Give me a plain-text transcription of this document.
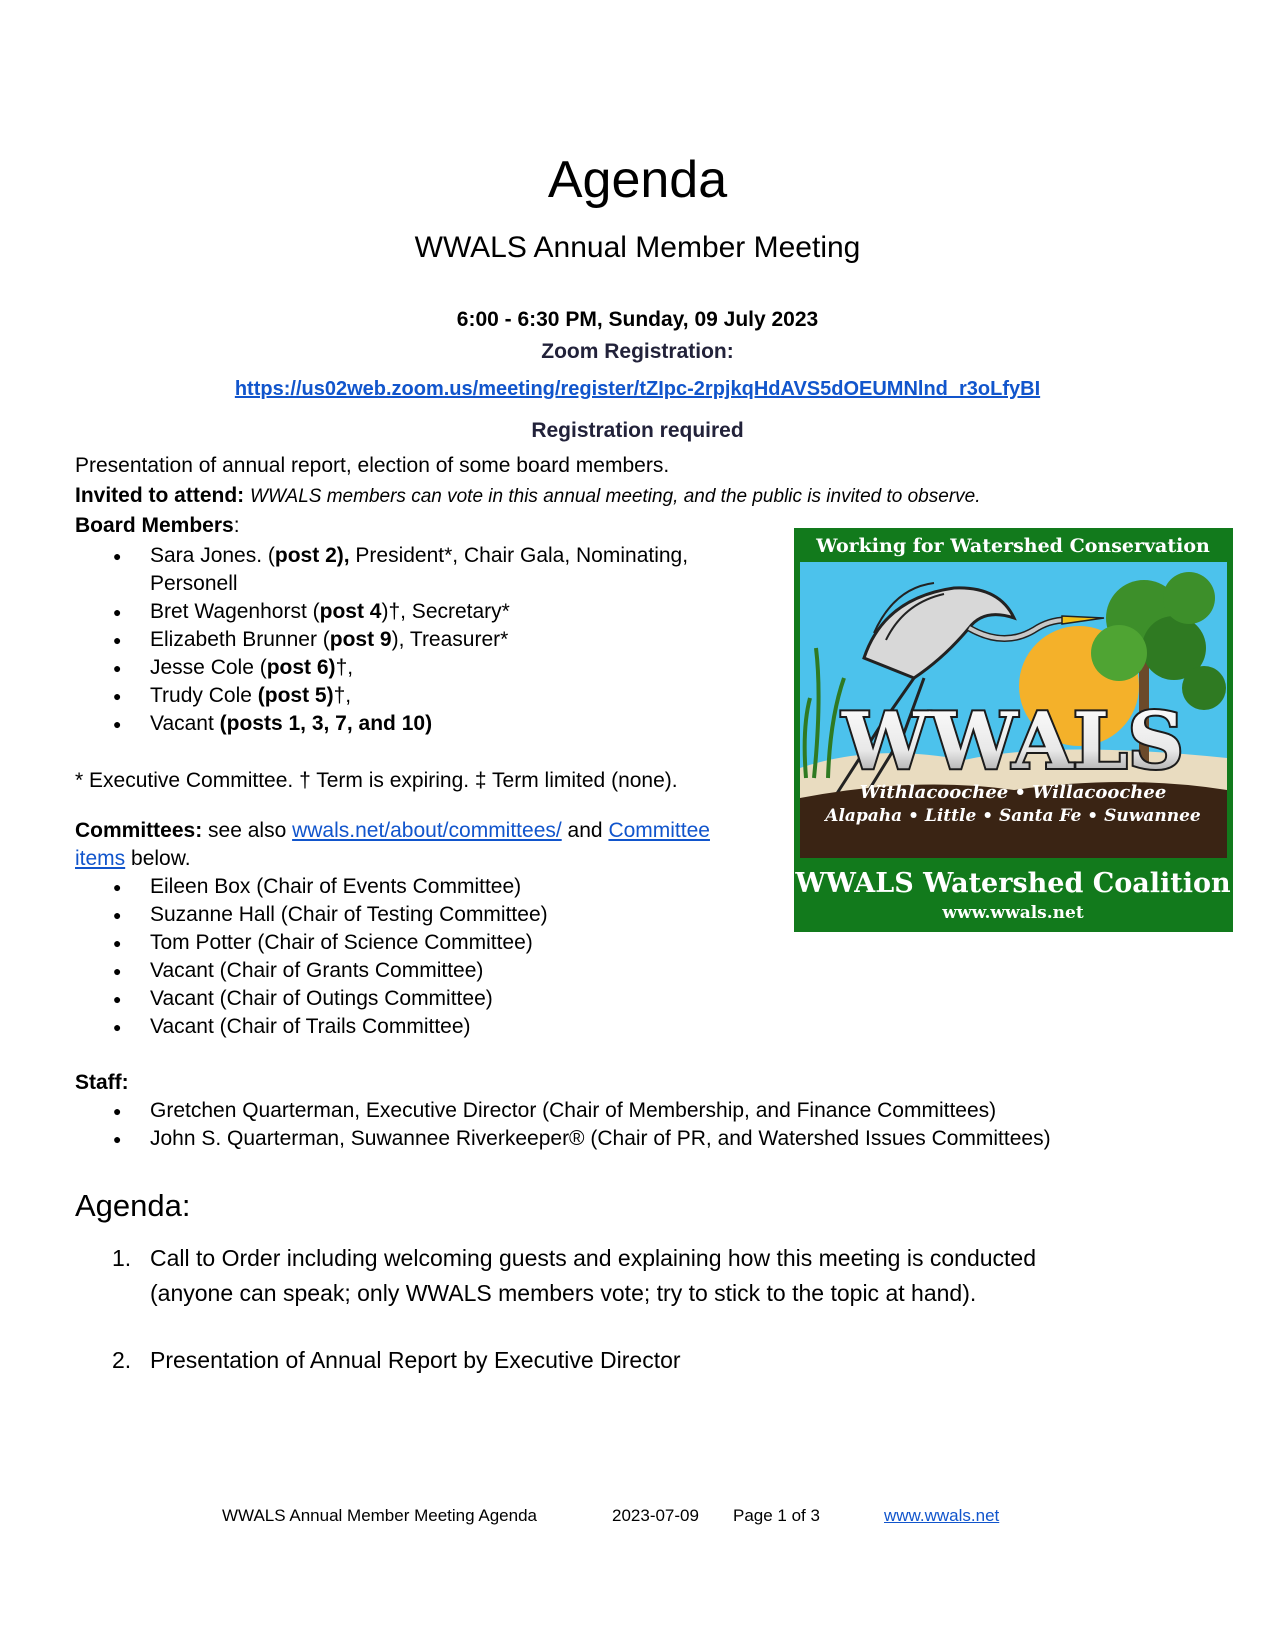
Agenda
WWALS Annual Member Meeting
6:00 - 6:30 PM, Sunday, 09 July 2023
Zoom Registration:
https://us02web.zoom.us/meeting/register/tZIpc-2rpjkqHdAVS5dOEUMNlnd_r3oLfyBI
Registration required
Presentation of annual report, election of some board members.
Invited to attend: WWALS members can vote in this annual meeting, and the public is invited to observe.
Board Members:
● Sara Jones. (post 2), President*, Chair Gala, Nominating,
Personell
● Bret Wagenhorst (post 4)†, Secretary*
● Elizabeth Brunner (post 9), Treasurer*
● Jesse Cole (post 6)†,
● Trudy Cole (post 5)†,
● Vacant (posts 1, 3, 7, and 10)
* Executive Committee. † Term is expiring. ‡ Term limited (none).
Committees: see also wwals.net/about/committees/ and Committee
items below.
● Eileen Box (Chair of Events Committee)
● Suzanne Hall (Chair of Testing Committee)
● Tom Potter (Chair of Science Committee)
● Vacant (Chair of Grants Committee)
● Vacant (Chair of Outings Committee)
● Vacant (Chair of Trails Committee)
Staff:
● Gretchen Quarterman, Executive Director (Chair of Membership, and Finance Committees)
● John S. Quarterman, Suwannee Riverkeeper® (Chair of PR, and Watershed Issues Committees)
Agenda:
1. Call to Order including welcoming guests and explaining how this meeting is conducted
(anyone can speak; only WWALS members vote; try to stick to the topic at hand).
2. Presentation of Annual Report by Executive Director
WWALS
Working for Watershed Conservation
Withlacoochee • Willacoochee
Alapaha • Little • Santa Fe • Suwannee
WWALS Watershed Coalition
www.wwals.net
WWALS Annual Member Meeting Agenda	2023-07-09 Page 1 of 3	www.wwals.net
